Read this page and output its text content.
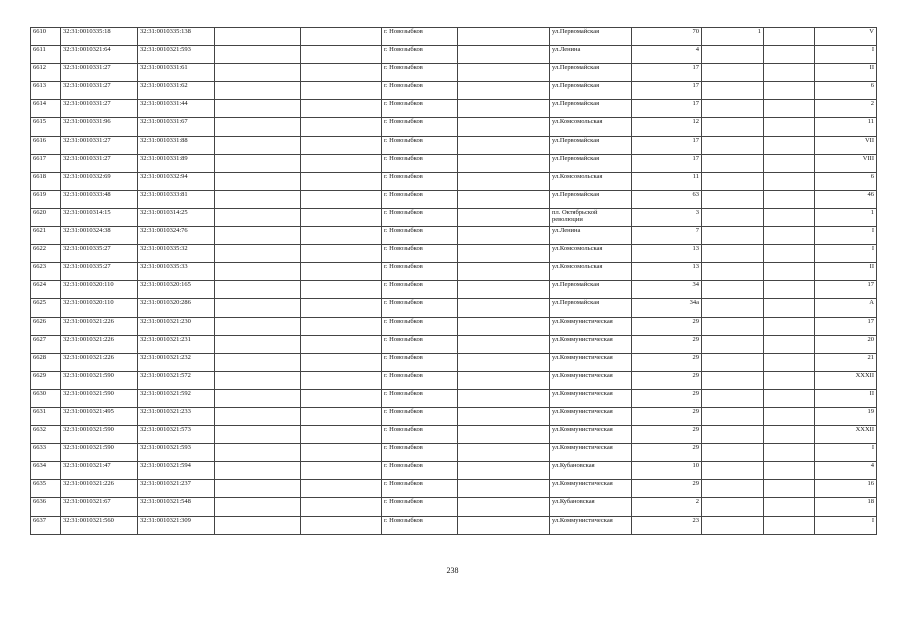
6610	32:31:0010335:18	32:31:0010335:138			г. Новозыбков		ул.Первомайская	70	1		V
6611	32:31:0010321:64	32:31:0010321:593			г. Новозыбков		ул.Ленина	4			I
6612	32:31:0010331:27	32:31:0010331:61			г. Новозыбков		ул.Первомайская	17			II
6613	32:31:0010331:27	32:31:0010331:62			г. Новозыбков		ул.Первомайская	17			6
6614	32:31:0010331:27	32:31:0010331:44			г. Новозыбков		ул.Первомайская	17			2
6615	32:31:0010331:96	32:31:0010331:67			г. Новозыбков		ул.Комсомольская	12			11
6616	32:31:0010331:27	32:31:0010331:88			г. Новозыбков		ул.Первомайская	17			VII
6617	32:31:0010331:27	32:31:0010331:89			г. Новозыбков		ул.Первомайская	17			VIII
6618	32:31:0010332:69	32:31:0010332:94			г. Новозыбков		ул.Комсомольская	11			6
6619	32:31:0010333:48	32:31:0010333:81			г. Новозыбков		ул.Первомайская	63			46
6620	32:31:0010314:15	32:31:0010314:25			г. Новозыбков		пл. Октябрьской революции	3			1
6621	32:31:0010324:38	32:31:0010324:76			г. Новозыбков		ул.Ленина	7			I
6622	32:31:0010335:27	32:31:0010335:32			г. Новозыбков		ул.Комсомольская	13			I
6623	32:31:0010335:27	32:31:0010335:33			г. Новозыбков		ул.Комсомольская	13			II
6624	32:31:0010320:110	32:31:0010320:165			г. Новозыбков		ул.Первомайская	34			17
6625	32:31:0010320:110	32:31:0010320:286			г. Новозыбков		ул.Первомайская	34а			А
6626	32:31:0010321:226	32:31:0010321:230			г. Новозыбков		ул.Коммунистическая	29			17
6627	32:31:0010321:226	32:31:0010321:231			г. Новозыбков		ул.Коммунистическая	29			20
6628	32:31:0010321:226	32:31:0010321:232			г. Новозыбков		ул.Коммунистическая	29			21
6629	32:31:0010321:590	32:31:0010321:572			г. Новозыбков		ул.Коммунистическая	29			XXXII
6630	32:31:0010321:590	32:31:0010321:592			г. Новозыбков		ул.Коммунистическая	29			II
6631	32:31:0010321:495	32:31:0010321:233			г. Новозыбков		ул.Коммунистическая	29			19
6632	32:31:0010321:590	32:31:0010321:573			г. Новозыбков		ул.Коммунистическая	29			XXXII
6633	32:31:0010321:590	32:31:0010321:593			г. Новозыбков		ул.Коммунистическая	29			I
6634	32:31:0010321:47	32:31:0010321:594			г. Новозыбков		ул.Кубановская	10			4
6635	32:31:0010321:226	32:31:0010321:237			г. Новозыбков		ул.Коммунистическая	29			16
6636	32:31:0010321:67	32:31:0010321:548			г. Новозыбков		ул.Кубановская	2			18
6637	32:31:0010321:560	32:31:0010321:309			г. Новозыбков		ул.Коммунистическая	23			I
238
